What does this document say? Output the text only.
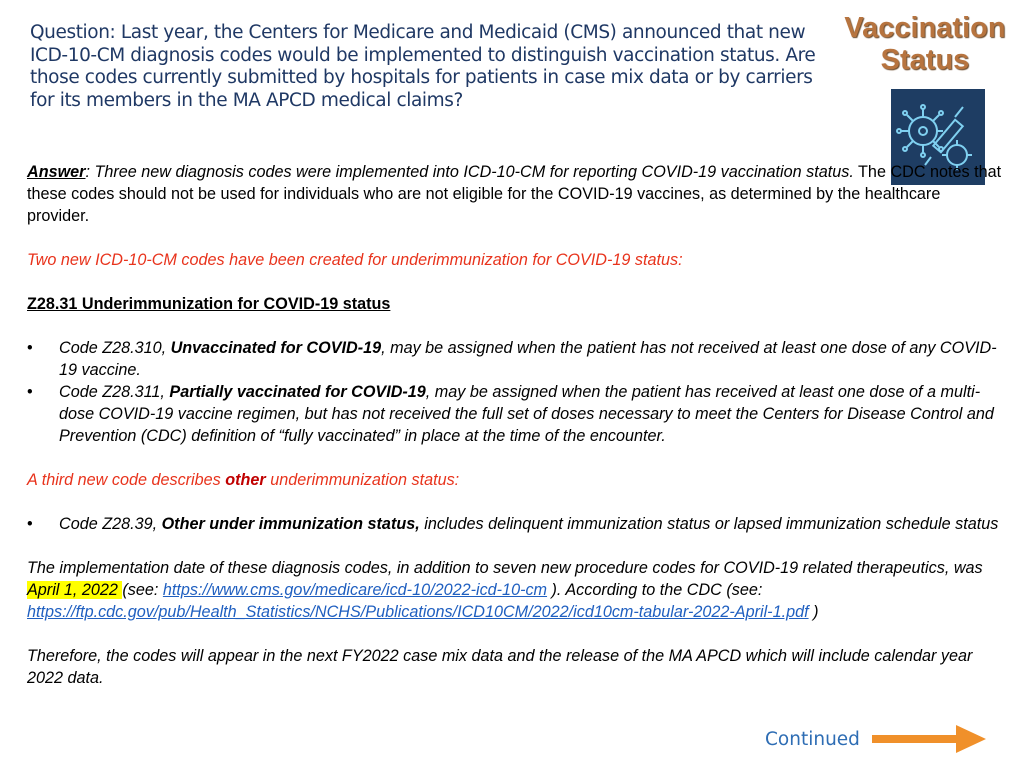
Question: Last year, the Centers for Medicare and Medicaid (CMS) announced that new ICD-10-CM diagnosis codes would be implemented to distinguish vaccination status. Are those codes currently submitted by hospitals for patients in case mix data or by carriers for its members in the MA APCD medical claims?
Vaccination
Status

Answer: Three new diagnosis codes were implemented into ICD-10-CM for reporting COVID-19 vaccination status. The CDC notes that these codes should not be used for individuals who are not eligible for the COVID-19 vaccines, as determined by the healthcare provider.

Two new ICD-10-CM codes have been created for underimmunization for COVID-19 status:

Z28.31 Underimmunization for COVID-19 status

• Code Z28.310, Unvaccinated for COVID-19, may be assigned when the patient has not received at least one dose of any COVID-19 vaccine.
• Code Z28.311, Partially vaccinated for COVID-19, may be assigned when the patient has received at least one dose of a multi-dose COVID-19 vaccine regimen, but has not received the full set of doses necessary to meet the Centers for Disease Control and Prevention (CDC) definition of “fully vaccinated” in place at the time of the encounter.

A third new code describes other underimmunization status:

• Code Z28.39, Other under immunization status, includes delinquent immunization status or lapsed immunization schedule status

The implementation date of these diagnosis codes, in addition to seven new procedure codes for COVID-19 related therapeutics, was April 1, 2022 (see: https://www.cms.gov/medicare/icd-10/2022-icd-10-cm ). According to the CDC (see: https://ftp.cdc.gov/pub/Health_Statistics/NCHS/Publications/ICD10CM/2022/icd10cm-tabular-2022-April-1.pdf )

Therefore, the codes will appear in the next FY2022 case mix data and the release of the MA APCD which will include calendar year 2022 data.

Continued
